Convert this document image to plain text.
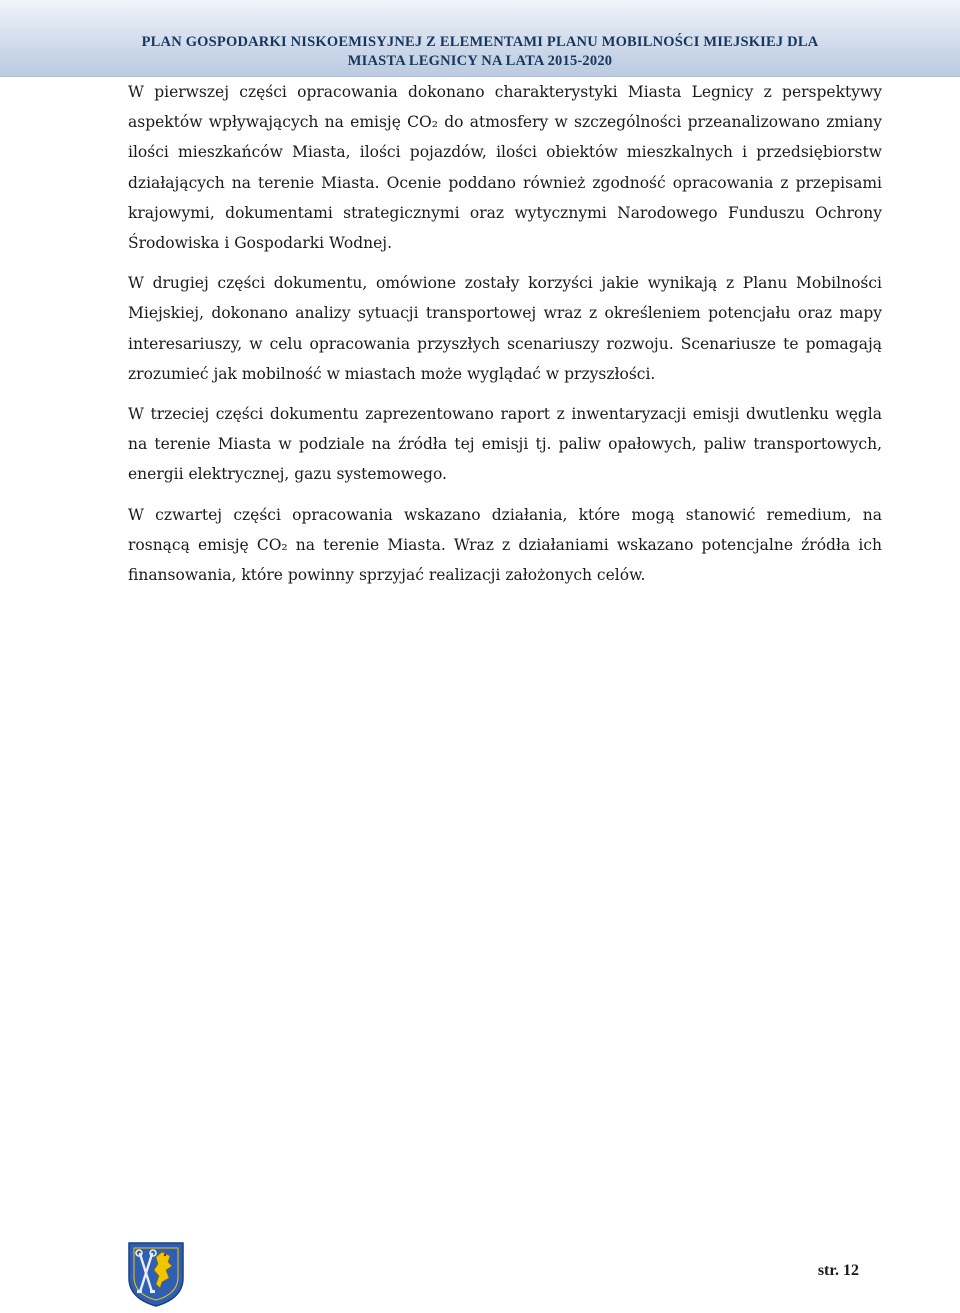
PLAN GOSPODARKI NISKOEMISYJNEJ Z ELEMENTAMI PLANU MOBILNOŚCI MIEJSKIEJ DLA
MIASTA LEGNICY NA LATA 2015-2020

W pierwszej części opracowania dokonano charakterystyki Miasta Legnicy z perspektywy aspektów wpływających na emisję CO₂ do atmosfery w szczególności przeanalizowano zmiany ilości mieszkańców Miasta, ilości pojazdów, ilości obiektów mieszkalnych i przedsiębiorstw działających na terenie Miasta. Ocenie poddano również zgodność opracowania z przepisami krajowymi, dokumentami strategicznymi oraz wytycznymi Narodowego Funduszu Ochrony Środowiska i Gospodarki Wodnej.

W drugiej części dokumentu, omówione zostały korzyści jakie wynikają z Planu Mobilności Miejskiej, dokonano analizy sytuacji transportowej wraz z określeniem potencjału oraz mapy interesariuszy, w celu opracowania przyszłych scenariuszy rozwoju. Scenariusze te pomagają zrozumieć jak mobilność w miastach może wyglądać w przyszłości.

W trzeciej części dokumentu zaprezentowano raport z inwentaryzacji emisji dwutlenku węgla na terenie Miasta w podziale na źródła tej emisji tj. paliw opałowych, paliw transportowych, energii elektrycznej, gazu systemowego.

W czwartej części opracowania wskazano działania, które mogą stanowić remedium, na rosnącą emisję CO₂ na terenie Miasta. Wraz z działaniami wskazano potencjalne źródła ich finansowania, które powinny sprzyjać realizacji założonych celów.

str. 12
